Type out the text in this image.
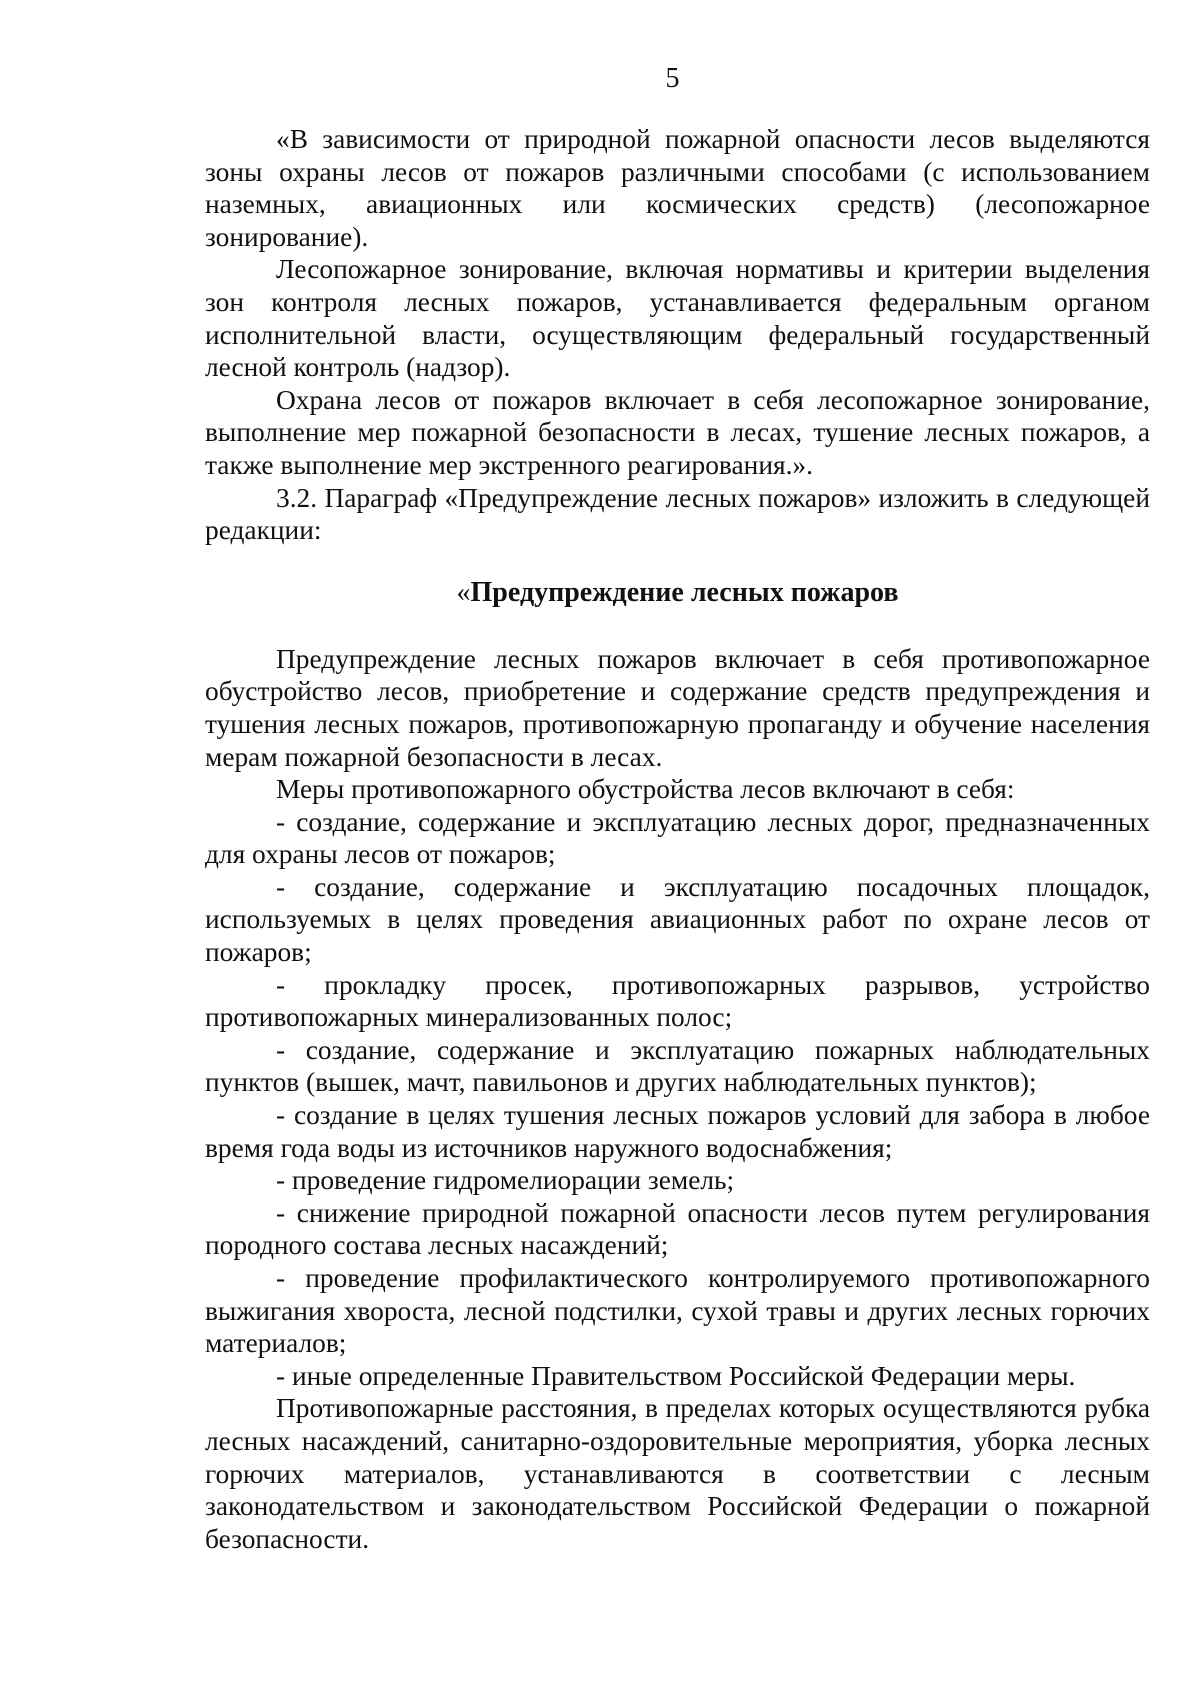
5

«В зависимости от природной пожарной опасности лесов выделяются зоны охраны лесов от пожаров различными способами (с использованием наземных, авиационных или космических средств) (лесопожарное зонирование).

Лесопожарное зонирование, включая нормативы и критерии выделения зон контроля лесных пожаров, устанавливается федеральным органом исполнительной власти, осуществляющим федеральный государственный лесной контроль (надзор).

Охрана лесов от пожаров включает в себя лесопожарное зонирование, выполнение мер пожарной безопасности в лесах, тушение лесных пожаров, а также выполнение мер экстренного реагирования.».

3.2. Параграф «Предупреждение лесных пожаров» изложить в следующей редакции:

«Предупреждение лесных пожаров

Предупреждение лесных пожаров включает в себя противопожарное обустройство лесов, приобретение и содержание средств предупреждения и тушения лесных пожаров, противопожарную пропаганду и обучение населения мерам пожарной безопасности в лесах.

Меры противопожарного обустройства лесов включают в себя:

- создание, содержание и эксплуатацию лесных дорог, предназначенных для охраны лесов от пожаров;

- создание, содержание и эксплуатацию посадочных площадок, используемых в целях проведения авиационных работ по охране лесов от пожаров;

- прокладку просек, противопожарных разрывов, устройство противопожарных минерализованных полос;

- создание, содержание и эксплуатацию пожарных наблюдательных пунктов (вышек, мачт, павильонов и других наблюдательных пунктов);

- создание в целях тушения лесных пожаров условий для забора в любое время года воды из источников наружного водоснабжения;

- проведение гидромелиорации земель;

- снижение природной пожарной опасности лесов путем регулирования породного состава лесных насаждений;

- проведение профилактического контролируемого противопожарного выжигания хвороста, лесной подстилки, сухой травы и других лесных горючих материалов;

- иные определенные Правительством Российской Федерации меры.

Противопожарные расстояния, в пределах которых осуществляются рубка лесных насаждений, санитарно-оздоровительные мероприятия, уборка лесных горючих материалов, устанавливаются в соответствии с лесным законодательством и законодательством Российской Федерации о пожарной безопасности.
